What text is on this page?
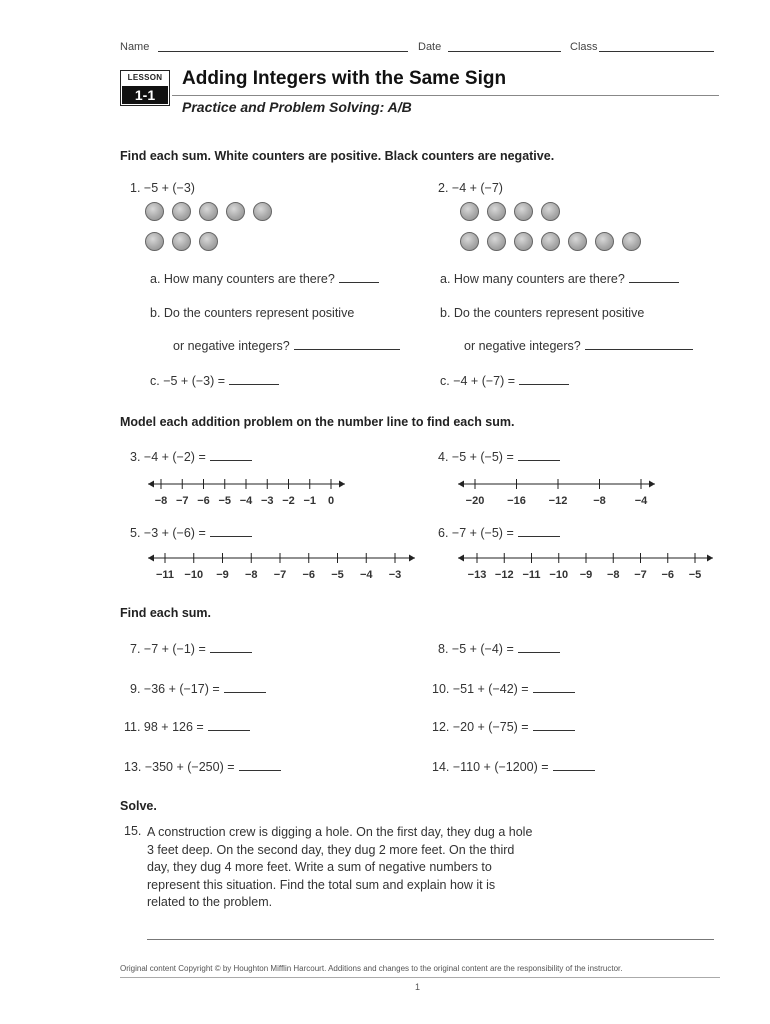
Name	Date	Class
LESSON
1-1
Adding Integers with the Same Sign
Practice and Problem Solving: A/B
Find each sum. White counters are positive. Black counters are negative.
1. −5 + (−3)
a. How many counters are there?
b. Do the counters represent positive
or negative integers?
c. −5 + (−3) =
2. −4 + (−7)
a. How many counters are there?
b. Do the counters represent positive
or negative integers?
c. −4 + (−7) =
Model each addition problem on the number line to find each sum.
3. −4 + (−2) =	4. −5 + (−5) =
5. −3 + (−6) =	6. −7 + (−5) =
−8 −7 −6 −5 −4 −3 −2 −1 0	−20 −16 −12 −8	−4
−11 −10 −9 −8 −7 −6 −5 −4 −3	−13 −12 −11 −10 −9 −8 −7 −6 −5
Find each sum.
7. −7 + (−1) =	8. −5 + (−4) =
9. −36 + (−17) =	10. −51 + (−42) =
11. 98 + 126 =	12. −20 + (−75) =
13. −350 + (−250) =	14. −110 + (−1200) =
Solve.
15. A construction crew is digging a hole. On the first day, they dug a hole
3 feet deep. On the second day, they dug 2 more feet. On the third
day, they dug 4 more feet. Write a sum of negative numbers to
represent this situation. Find the total sum and explain how it is
related to the problem.
Original content Copyright © by Houghton Mifflin Harcourt. Additions and changes to the original content are the responsibility of the instructor.
1
